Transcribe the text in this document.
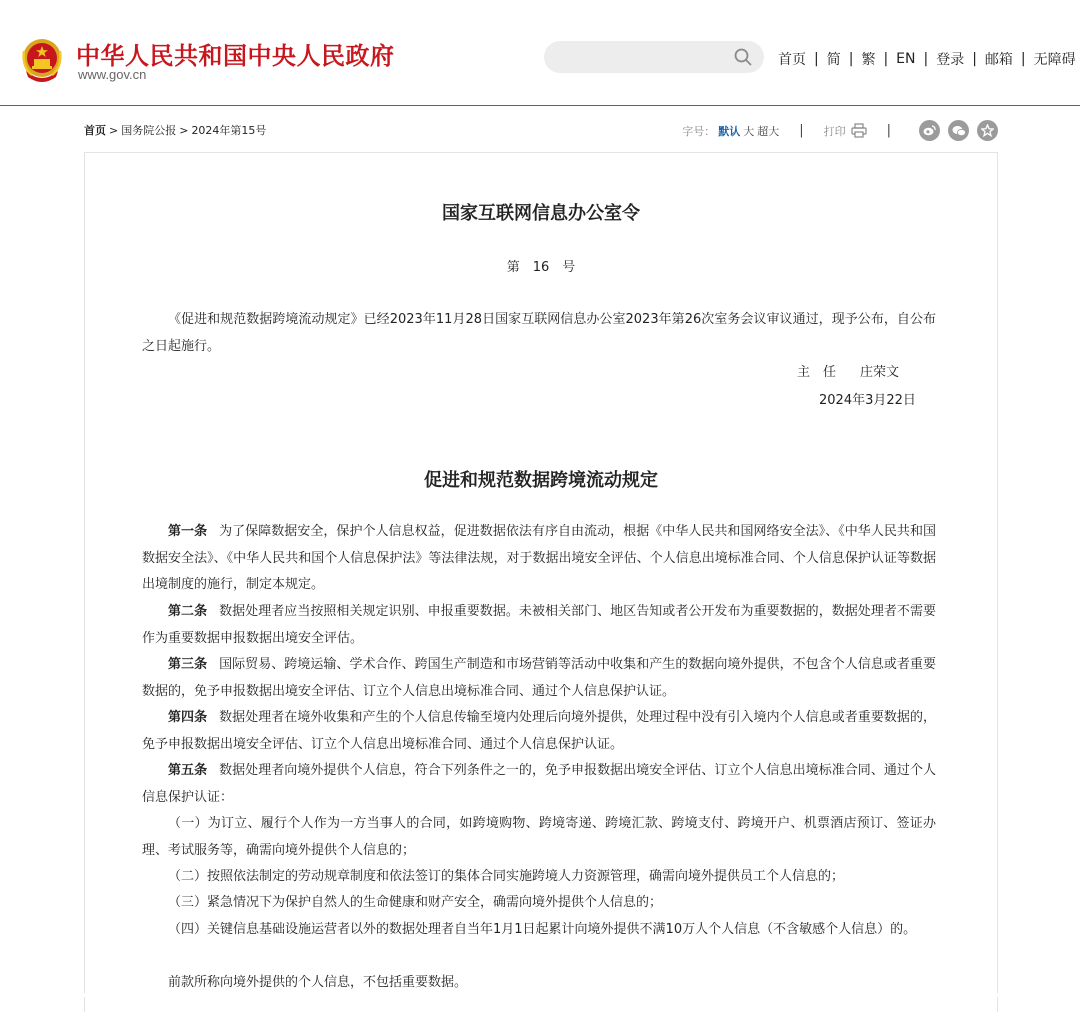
中华人民共和国中央人民政府
www.gov.cn
首页 | 简 | 繁 | EN | 登录 | 邮箱 | 无障碍
首页 > 国务院公报 > 2024年第15号	字号： 默认 大 超大 | 打印	|
国家互联网信息办公室令
第　16　号

《促进和规范数据跨境流动规定》已经2023年11月28日国家互联网信息办公室2023年第26次室务会议审议通过，现予公布，自公布之日起施行。

主　任 庄荣文
2024年3月22日
促进和规范数据跨境流动规定

第一条 为了保障数据安全，保护个人信息权益，促进数据依法有序自由流动，根据《中华人民共和国网络安全法》、《中华人民共和国数据安全法》、《中华人民共和国个人信息保护法》等法律法规，对于数据出境安全评估、个人信息出境标准合同、个人信息保护认证等数据出境制度的施行，制定本规定。

第二条 数据处理者应当按照相关规定识别、申报重要数据。未被相关部门、地区告知或者公开发布为重要数据的，数据处理者不需要作为重要数据申报数据出境安全评估。

第三条 国际贸易、跨境运输、学术合作、跨国生产制造和市场营销等活动中收集和产生的数据向境外提供，不包含个人信息或者重要数据的，免予申报数据出境安全评估、订立个人信息出境标准合同、通过个人信息保护认证。

第四条 数据处理者在境外收集和产生的个人信息传输至境内处理后向境外提供，处理过程中没有引入境内个人信息或者重要数据的，免予申报数据出境安全评估、订立个人信息出境标准合同、通过个人信息保护认证。

第五条 数据处理者向境外提供个人信息，符合下列条件之一的，免予申报数据出境安全评估、订立个人信息出境标准合同、通过个人信息保护认证：

（一）为订立、履行个人作为一方当事人的合同，如跨境购物、跨境寄递、跨境汇款、跨境支付、跨境开户、机票酒店预订、签证办理、考试服务等，确需向境外提供个人信息的；

（二）按照依法制定的劳动规章制度和依法签订的集体合同实施跨境人力资源管理，确需向境外提供员工个人信息的；

（三）紧急情况下为保护自然人的生命健康和财产安全，确需向境外提供个人信息的；

（四）关键信息基础设施运营者以外的数据处理者自当年1月1日起累计向境外提供不满10万人个人信息（不含敏感个人信息）的。

前款所称向境外提供的个人信息，不包括重要数据。
